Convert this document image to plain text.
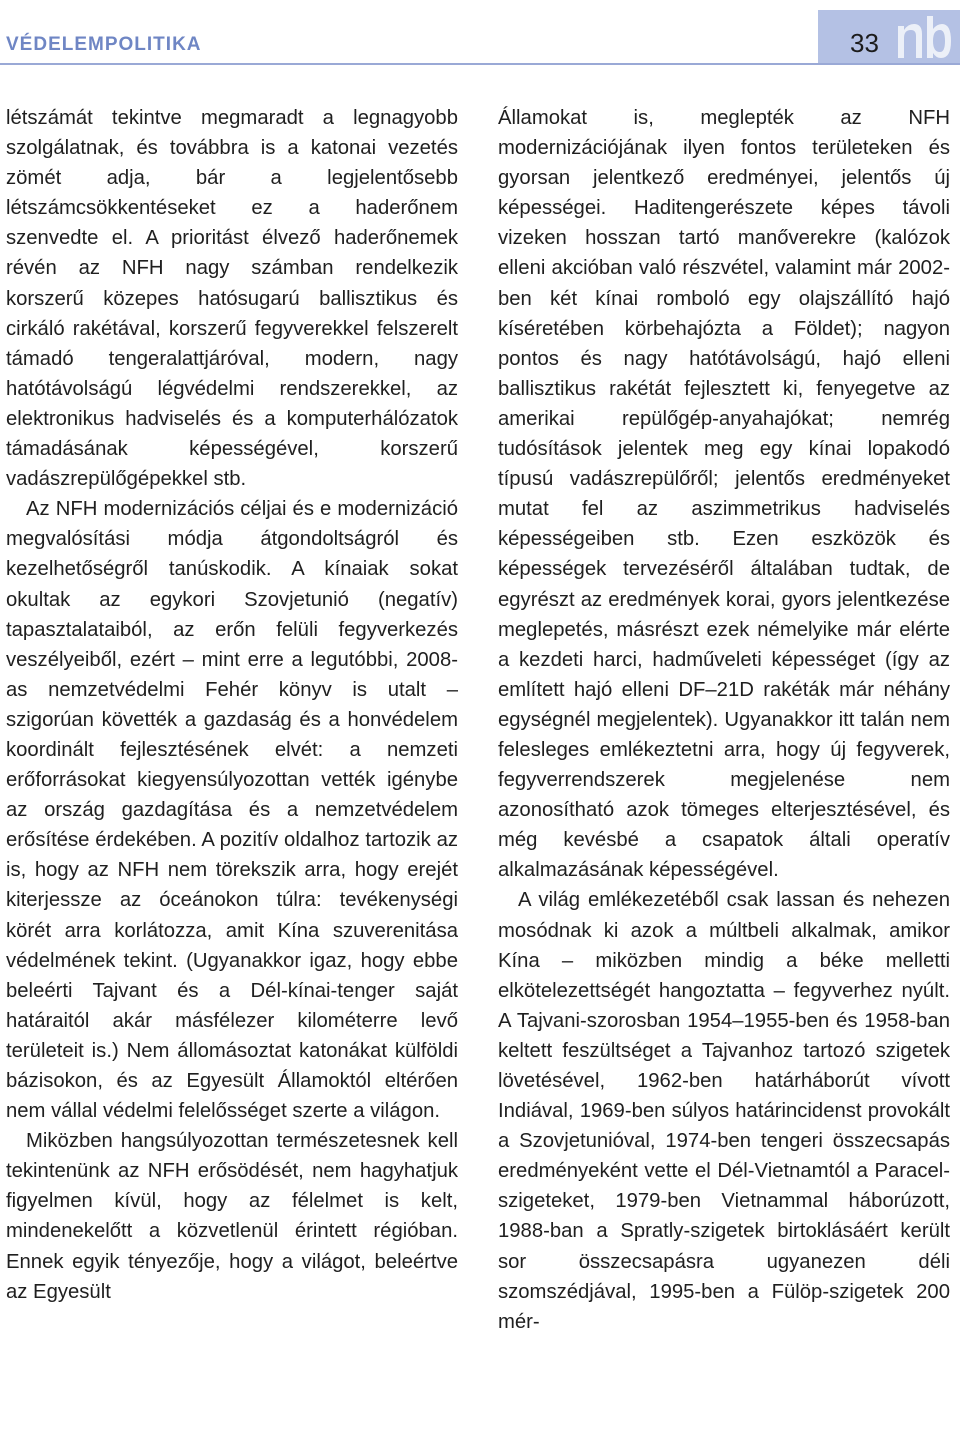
VÉDELEMPOLITIKA	33

létszámát tekintve megmaradt a legnagyobb szolgálatnak, és továbbra is a katonai vezetés zömét adja, bár a legjelentősebb létszámcsökkentéseket ez a haderőnem szenvedte el. A prioritást élvező haderőnemek révén az NFH nagy számban rendelkezik korszerű közepes hatósugarú ballisztikus és cirkáló rakétával, korszerű fegyverekkel felszerelt támadó tengeralattjáróval, modern, nagy hatótávolságú légvédelmi rendszerekkel, az elektronikus hadviselés és a komputerhálózatok támadásának képességével, korszerű vadászrepülőgépekkel stb.

Az NFH modernizációs céljai és e modernizáció megvalósítási módja átgondoltságról és kezelhetőségről tanúskodik. A kínaiak sokat okultak az egykori Szovjetunió (negatív) tapasztalataiból, az erőn felüli fegyverkezés veszélyeiből, ezért – mint erre a legutóbbi, 2008-as nemzetvédelmi Fehér könyv is utalt – szigorúan követték a gazdaság és a honvédelem koordinált fejlesztésének elvét: a nemzeti erőforrásokat kiegyensúlyozottan vették igénybe az ország gazdagítása és a nemzetvédelem erősítése érdekében. A pozitív oldalhoz tartozik az is, hogy az NFH nem törekszik arra, hogy erejét kiterjessze az óceánokon túlra: tevékenységi körét arra korlátozza, amit Kína szuverenitása védelmének tekint. (Ugyanakkor igaz, hogy ebbe beleérti Tajvant és a Dél-kínai-tenger saját határaitól akár másfélezer kilométerre levő területeit is.) Nem állomásoztat katonákat külföldi bázisokon, és az Egyesült Államoktól eltérően nem vállal védelmi felelősséget szerte a világon.

Miközben hangsúlyozottan természetesnek kell tekintenünk az NFH erősödését, nem hagyhatjuk figyelmen kívül, hogy az félelmet is kelt, mindenekelőtt a közvetlenül érintett régióban. Ennek egyik tényezője, hogy a világot, beleértve az Egyesült

Államokat is, meglepték az NFH modernizációjának ilyen fontos területeken és gyorsan jelentkező eredményei, jelentős új képességei. Haditengerészete képes távoli vizeken hosszan tartó manőverekre (kalózok elleni akcióban való részvétel, valamint már 2002-ben két kínai romboló egy olajszállító hajó kíséretében körbehajózta a Földet); nagyon pontos és nagy hatótávolságú, hajó elleni ballisztikus rakétát fejlesztett ki, fenyegetve az amerikai repülőgép-anyahajókat; nemrég tudósítások jelentek meg egy kínai lopakodó típusú vadászrepülőről; jelentős eredményeket mutat fel az aszimmetrikus hadviselés képességeiben stb. Ezen eszközök és képességek tervezéséről általában tudtak, de egyrészt az eredmények korai, gyors jelentkezése meglepetés, másrészt ezek némelyike már elérte a kezdeti harci, hadműveleti képességet (így az említett hajó elleni DF–21D rakéták már néhány egységnél megjelentek). Ugyanakkor itt talán nem felesleges emlékeztetni arra, hogy új fegyverek, fegyverrendszerek megjelenése nem azonosítható azok tömeges elterjesztésével, és még kevésbé a csapatok általi operatív alkalmazásának képességével.

A világ emlékezetéből csak lassan és nehezen mosódnak ki azok a múltbeli alkalmak, amikor Kína – miközben mindig a béke melletti elkötelezettségét hangoztatta – fegyverhez nyúlt. A Tajvani-szorosban 1954–1955-ben és 1958-ban keltett feszültséget a Tajvanhoz tartozó szigetek lövetésével, 1962-ben határháborút vívott Indiával, 1969-ben súlyos határincidenst provokált a Szovjetunióval, 1974-ben tengeri összecsapás eredményeként vette el Dél-Vietnamtól a Paracel-szigeteket, 1979-ben Vietnammal háborúzott, 1988-ban a Spratly-szigetek birtoklásáért került sor összecsapásra ugyanezen déli szomszédjával, 1995-ben a Fülöp-szigetek 200 mér-
